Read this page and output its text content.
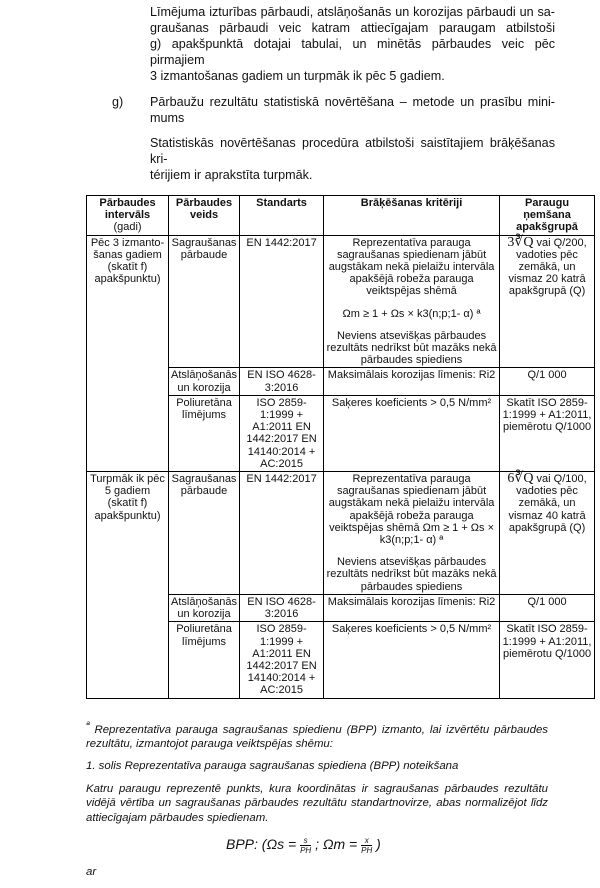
Līmējuma izturības pārbaudi, atslāņošanās un korozijas pārbaudi un sa-
graušanas pārbaudi veic katram attiecīgajam paraugam atbilstoši
g) apakšpunktā dotajai tabulai, un minētās pārbaudes veic pēc pirmajiem
3 izmantošanas gadiem un turpmāk ik pēc 5 gadiem.
g) Pārbaužu rezultātu statistiskā novērtēšana – metode un prasību mini-
mums
Statistiskās novērtēšanas procedūra atbilstoši saistītajiem brāķēšanas kri-
térijiem ir aprakstīta turpmāk.
Pārbaudes intervāls
(gadi)	Pārbaudes veids	Standarts	Brāķēšanas kritēriji	Paraugu ņemšana apakšgrupā
Pēc 3 izmanto-šanas gadiem (skatīt f) apakšpunktu)	Sagraušanas pārbaude	EN 1442:2017	Reprezentatīva parauga sagraušanas spiedienam jābūt augstākam nekā pielaižu intervāla apakšējā robeža parauga veiktspējas shēmā
Ωm ≥ 1 + Ωs × k3(n;p;1- α) ª
Neviens atsevišķas pārbaudes rezultāts nedrīkst būt mazāks nekā pārbaudes spiediens	3∛Q vai Q/200, vadoties pēc zemākā, un vismaz 20 katrā apakšgrupā (Q)
	Atslāņošanās un korozija	EN ISO 4628-3:2016	Maksimālais korozijas līmenis: Ri2	Q/1 000
	Poliuretāna līmējums	ISO 2859-1:1999 + A1:2011 EN 1442:2017 EN 14140:2014 + AC:2015	Saķeres koeficients > 0,5 N/mm²	Skatīt ISO 2859-1:1999 + A1:2011, piemērotu Q/1000
Turpmāk ik pēc 5 gadiem (skatīt f) apakšpunktu)	Sagraušanas pārbaude	EN 1442:2017	Reprezentatīva parauga sagraušanas spiedienam jābūt augstākam nekā pielaižu intervāla apakšējā robeža parauga veiktspējas shēmā Ωm ≥ 1 + Ωs × k3(n;p;1- α) ª
Neviens atsevišķas pārbaudes rezultāts nedrīkst būt mazāks nekā pārbaudes spiediens	6∛Q vai Q/100, vadoties pēc zemākā, un vismaz 40 katrā apakšgrupā (Q)
	Atslāņošanās un korozija	EN ISO 4628-3:2016	Maksimālais korozijas līmenis: Ri2	Q/1 000
	Poliuretāna līmējums	ISO 2859-1:1999 + A1:2011 EN 1442:2017 EN 14140:2014 + AC:2015	Saķeres koeficients > 0,5 N/mm²	Skatīt ISO 2859-1:1999 + A1:2011, piemērotu Q/1000
$^ª$ Reprezentatīva parauga sagraušanas spiedienu (BPP) izmanto, lai izvērtētu pārbaudes rezultātu, izmantojot parauga veiktspējas shēmu:
1. solis Reprezentatīva parauga sagraušanas spiediena (BPP) noteikšana
Katru paraugu reprezentē punkts, kura koordinātas ir sagraušanas pārbaudes rezultātu vidējā vērtība un sagraušanas pārbaudes rezultātu standartnovirze, abas normalizējot līdz attiecīgajam pārbaudes spiedienam.
BPP: ($\Omega s = \frac{s}{PH}$ ; $\Omega m = \frac{x}{PH}$ )
ar
